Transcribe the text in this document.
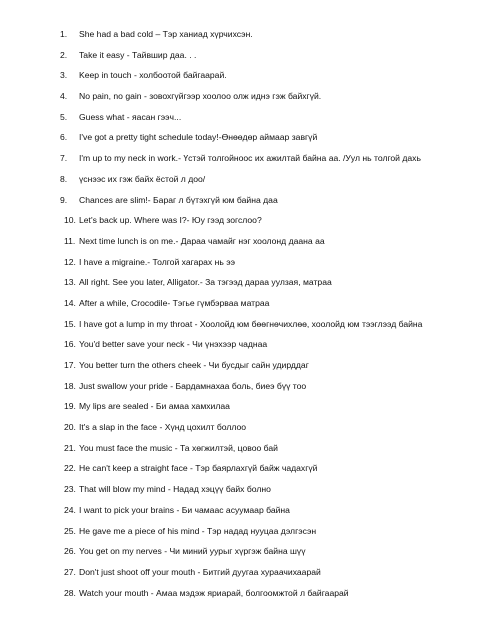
1.	She had a bad cold – Тэр ханиад хүрчихсэн.
2.	Take it easy - Тайвшир даа. . .
3.	Keep in touch - холбоотой байгаарай.
4.	No pain, no gain - зовохгүйгээр хоолоо олж иднэ гэж байхгүй.
5.	Guess what - яасан гээч...
6.	I've got a pretty tight schedule today!-Өнөөдөр аймаар завгүй
7.	I'm up to my neck in work.- Үстэй толгойноос их ажилтай байна аа. /Уул нь толгой дахь
8.	үснээс их гэж байх ёстой л доо/
9.	Chances are slim!- Бараг л бүтэхгүй юм байна даа
10. Let's back up. Where was I?- Юу гээд зогслоо?
11. Next time lunch is on me.- Дараа чамайг нэг хоолонд даана аа
12. I have a migraine.- Толгой хагарах нь ээ
13. All right. See you later, Alligator.- За тэгээд дараа уулзая, матраа
14. After a while, Crocodile- Тэгье гүмбэрваа матраа
15. I have got a lump in my throat - Хоолойд юм бөөгнөчихлөө, хоолойд юм тээглээд байна
16. You'd better save your neck - Чи үнэхээр чаднаа
17. You better turn the others cheek - Чи бусдыг сайн удирддаг
18. Just swallow your pride - Бардамнахаа боль, биеэ бүү тоо
19. My lips are sealed - Би амаа хамхилаа
20. It's a slap in the face - Хүнд цохилт боллоо
21. You must face the music - Та хөгжилтэй, цовоо бай
22. He can't keep a straight face - Тэр баярлахгүй байж чадахгүй
23. That will blow my mind - Надад хэцүү байх болно
24. I want to pick your brains - Би чамаас асуумаар байна
25. He gave me a piece of his mind - Тэр надад нууцаа дэлгэсэн
26. You get on my nerves - Чи миний уурыг хүргэж байна шүү
27. Don't just shoot off your mouth - Битгий дуугаа хураачихаарай
28. Watch your mouth - Амаа мэдэж яриарай, болгоомжтой л байгаарай
